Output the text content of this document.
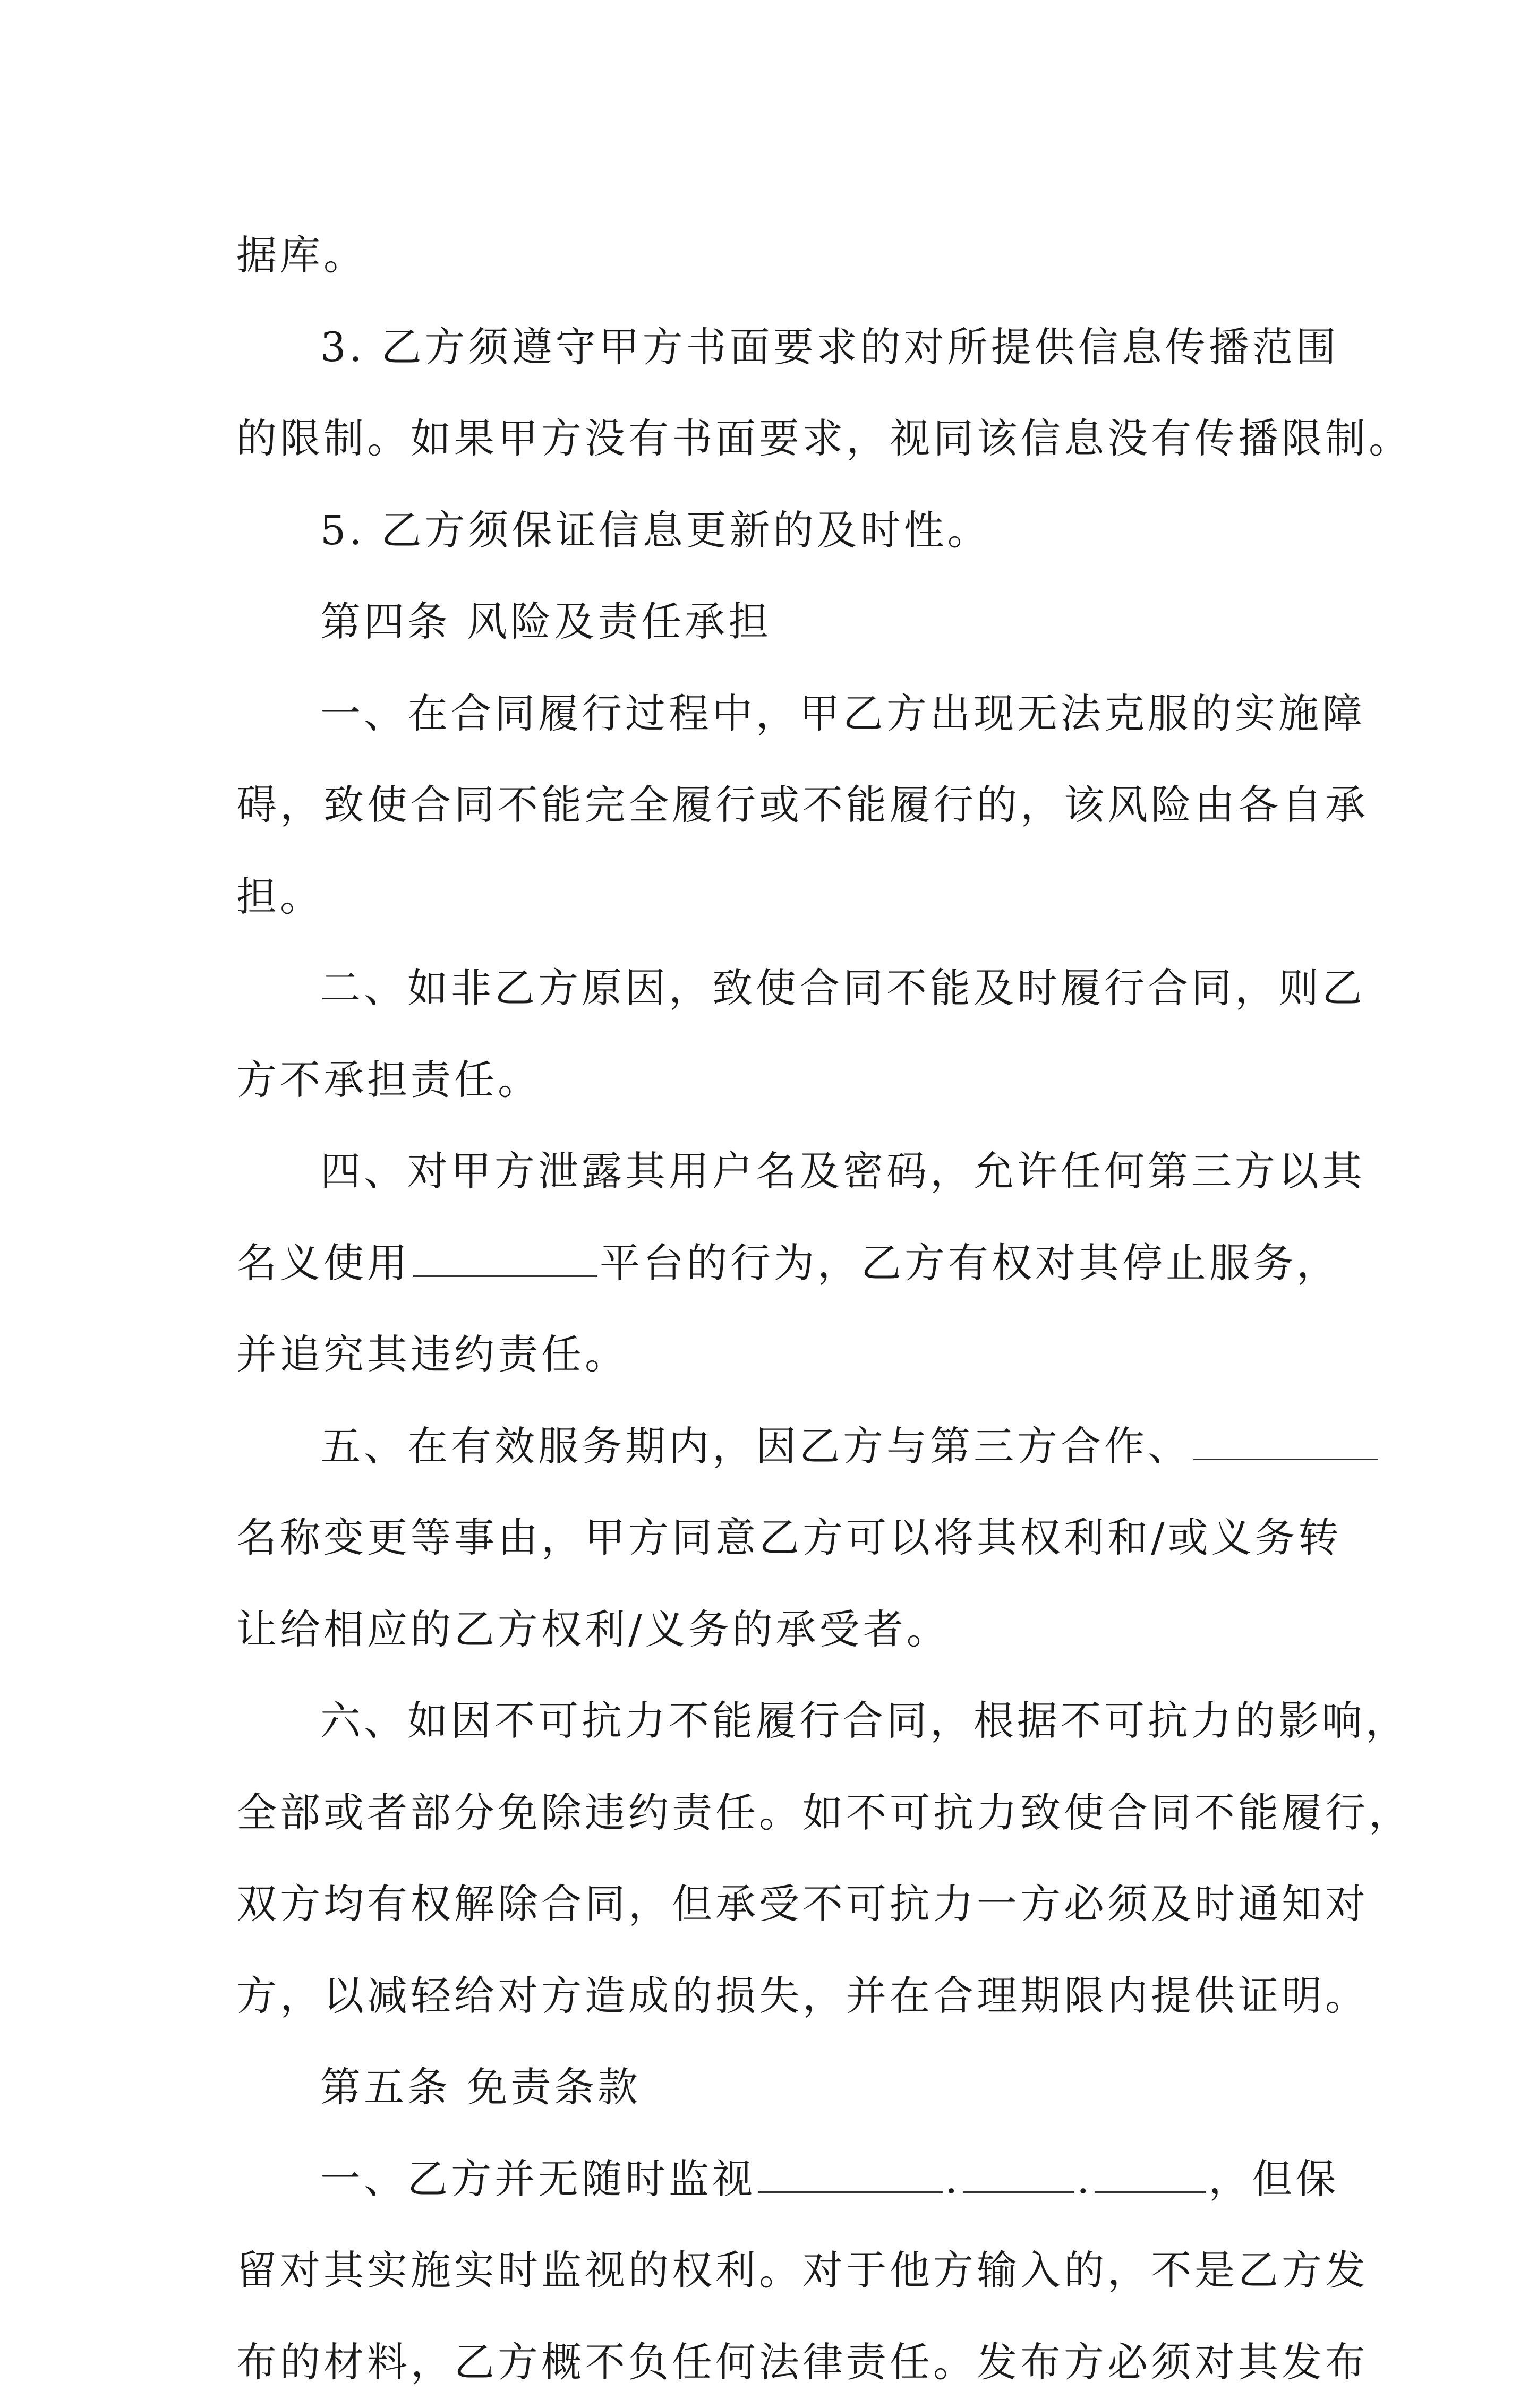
据库。
3. 乙方须遵守甲方书面要求的对所提供信息传播范围
的限制。如果甲方没有书面要求，视同该信息没有传播限制。
5. 乙方须保证信息更新的及时性。
第四条 风险及责任承担
一、在合同履行过程中，甲乙方出现无法克服的实施障
碍，致使合同不能完全履行或不能履行的，该风险由各自承
担。
二、如非乙方原因，致使合同不能及时履行合同，则乙
方不承担责任。
四、对甲方泄露其用户名及密码，允许任何第三方以其
名义使用	平台的行为，乙方有权对其停止服务，
并追究其违约责任。
五、在有效服务期内，因乙方与第三方合作、
名称变更等事由，甲方同意乙方可以将其权利和/或义务转
让给相应的乙方权利/义务的承受者。
六、如因不可抗力不能履行合同，根据不可抗力的影响，
全部或者部分免除违约责任。如不可抗力致使合同不能履行，
双方均有权解除合同，但承受不可抗力一方必须及时通知对
方，以减轻给对方造成的损失，并在合理期限内提供证明。
第五条 免责条款
一、乙方并无随时监视	.	.	，但保
留对其实施实时监视的权利。对于他方输入的，不是乙方发
布的材料，乙方概不负任何法律责任。发布方必须对其发布
